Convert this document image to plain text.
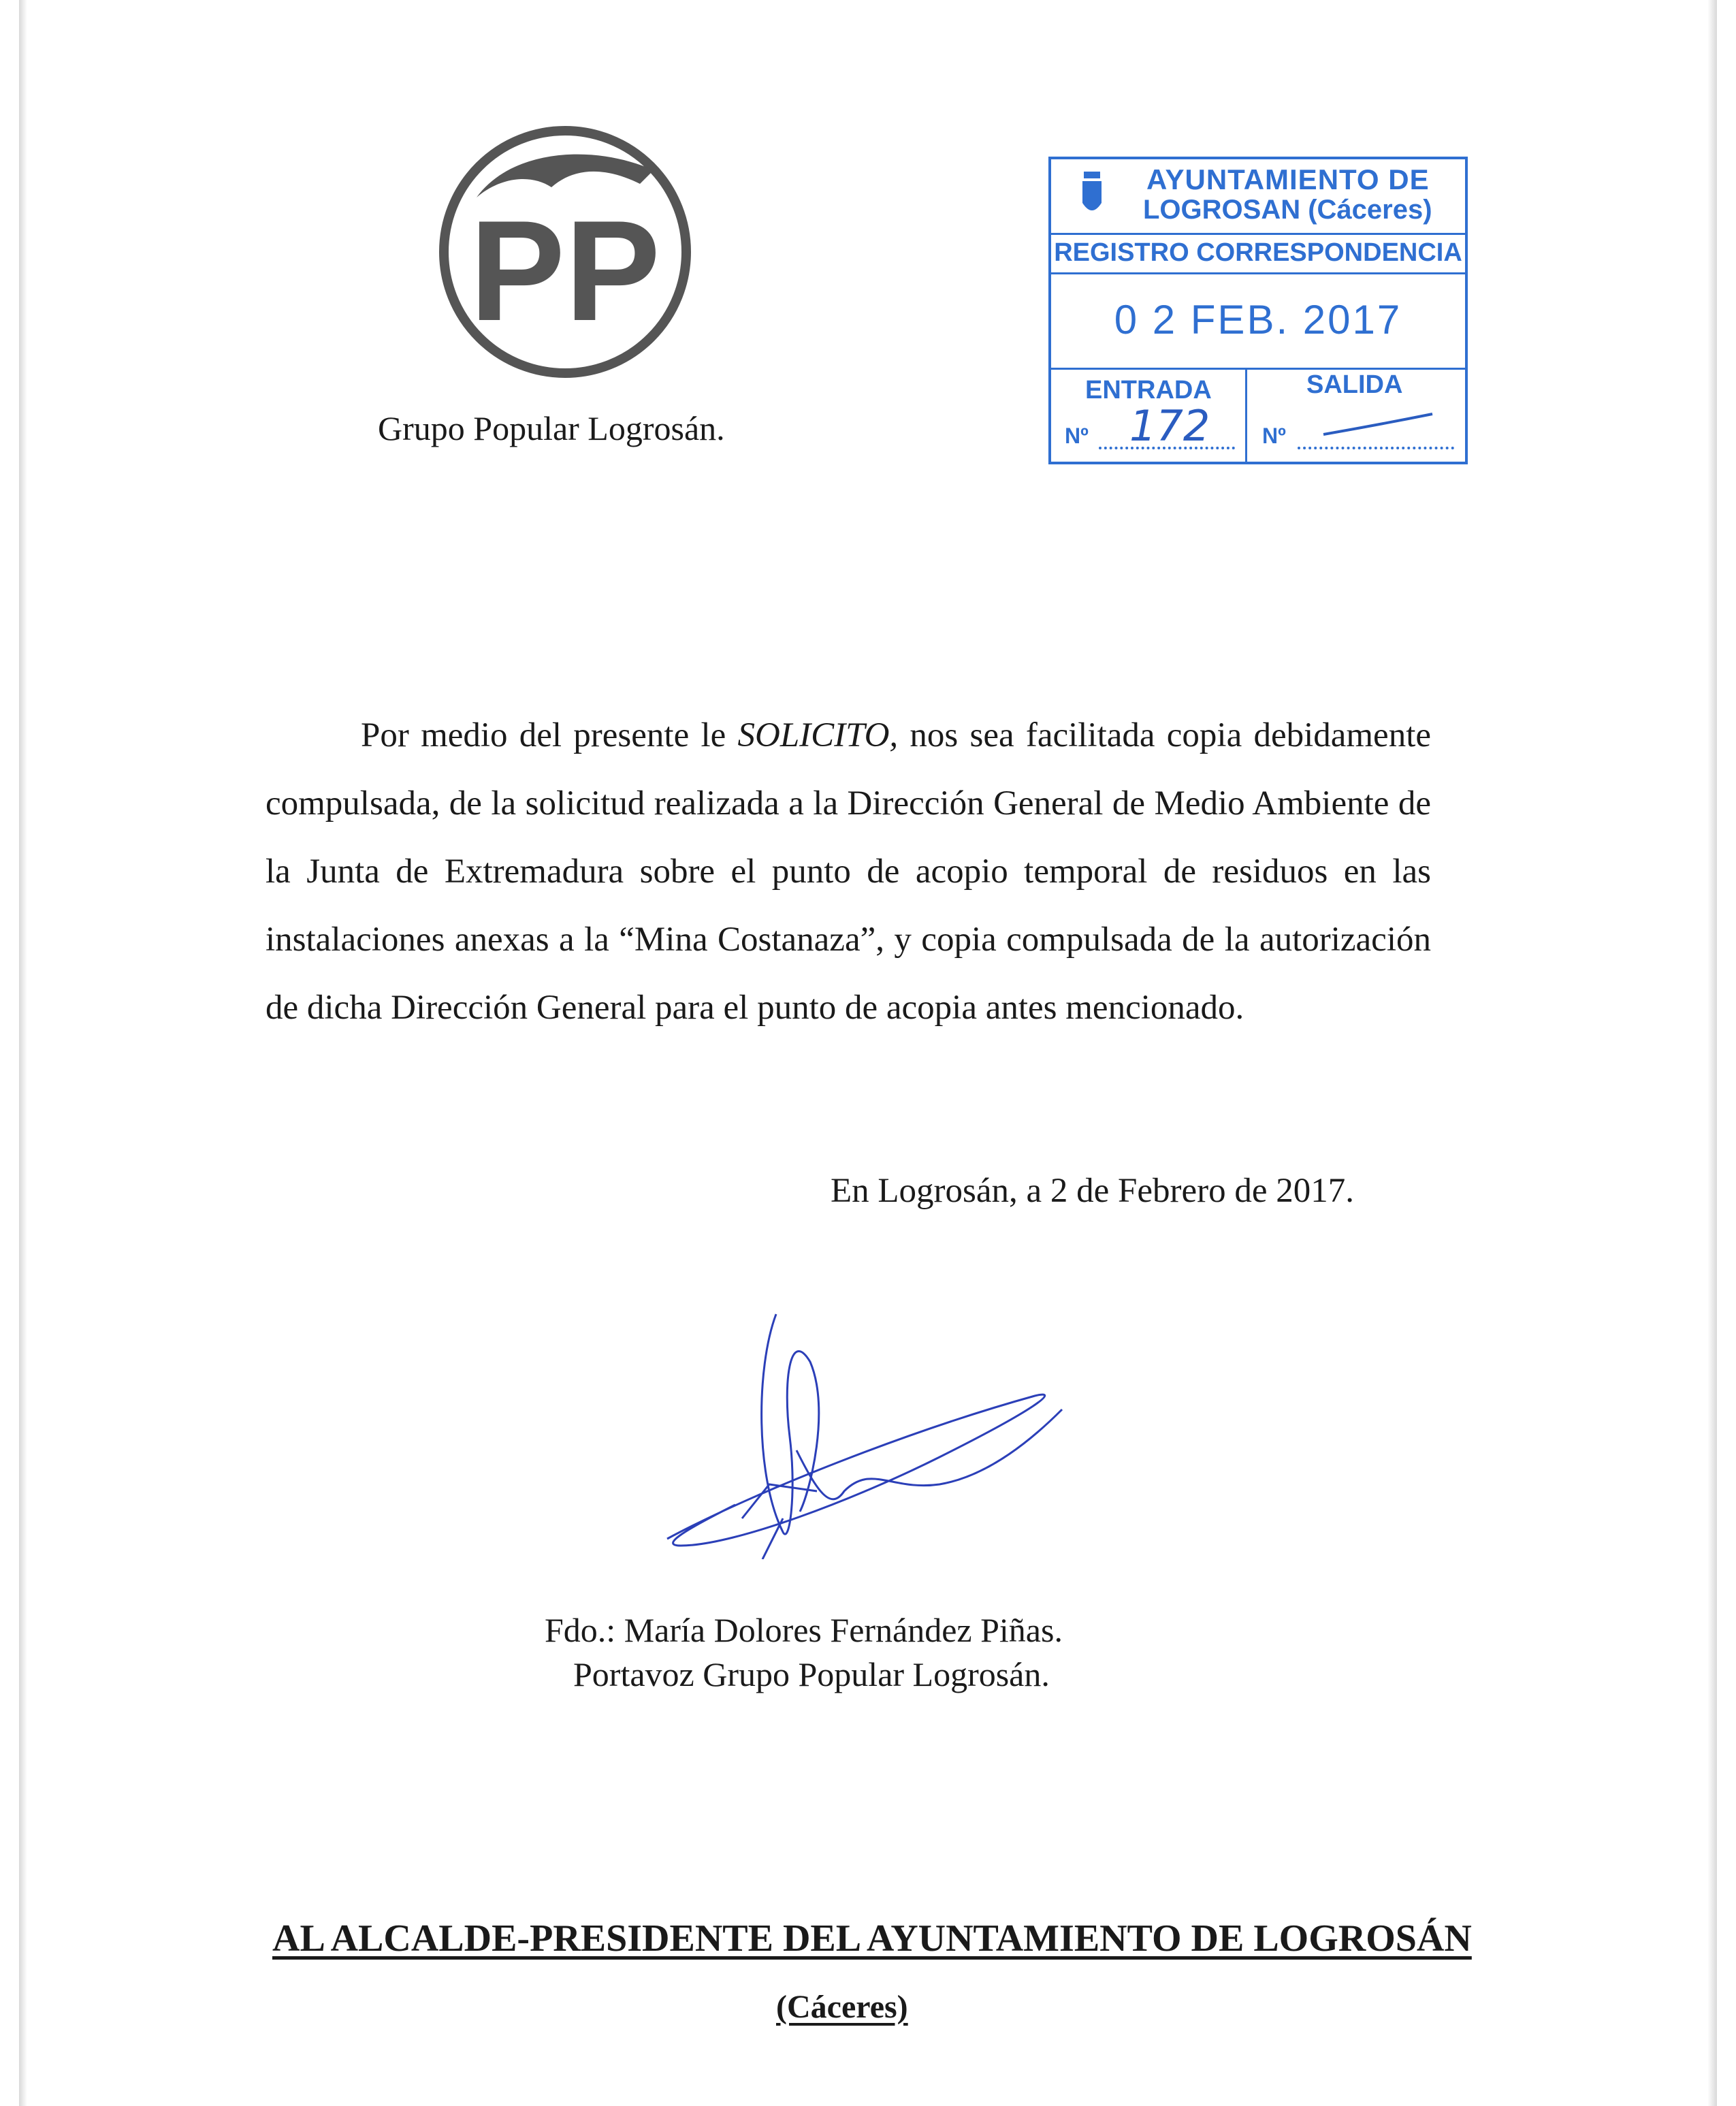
PP
Grupo Popular Logrosán.
AYUNTAMIENTO DE
LOGROSAN (Cáceres)
REGISTRO CORRESPONDENCIA
0 2 FEB. 2017
ENTRADA	SALIDA
Nº	Nº
172
Por medio del presente le SOLICITO, nos sea facilitada copia debidamente compulsada, de la solicitud realizada a la Dirección General de Medio Ambiente de la Junta de Extremadura sobre el punto de acopio temporal de residuos en las instalaciones anexas a la “Mina Costanaza”, y copia compulsada de la autorización de dicha Dirección General para el punto de acopia antes mencionado.
En Logrosán, a 2 de Febrero de 2017.
Fdo.: María Dolores Fernández Piñas.
Portavoz Grupo Popular Logrosán.
AL ALCALDE-PRESIDENTE DEL AYUNTAMIENTO DE LOGROSÁN
(Cáceres)
